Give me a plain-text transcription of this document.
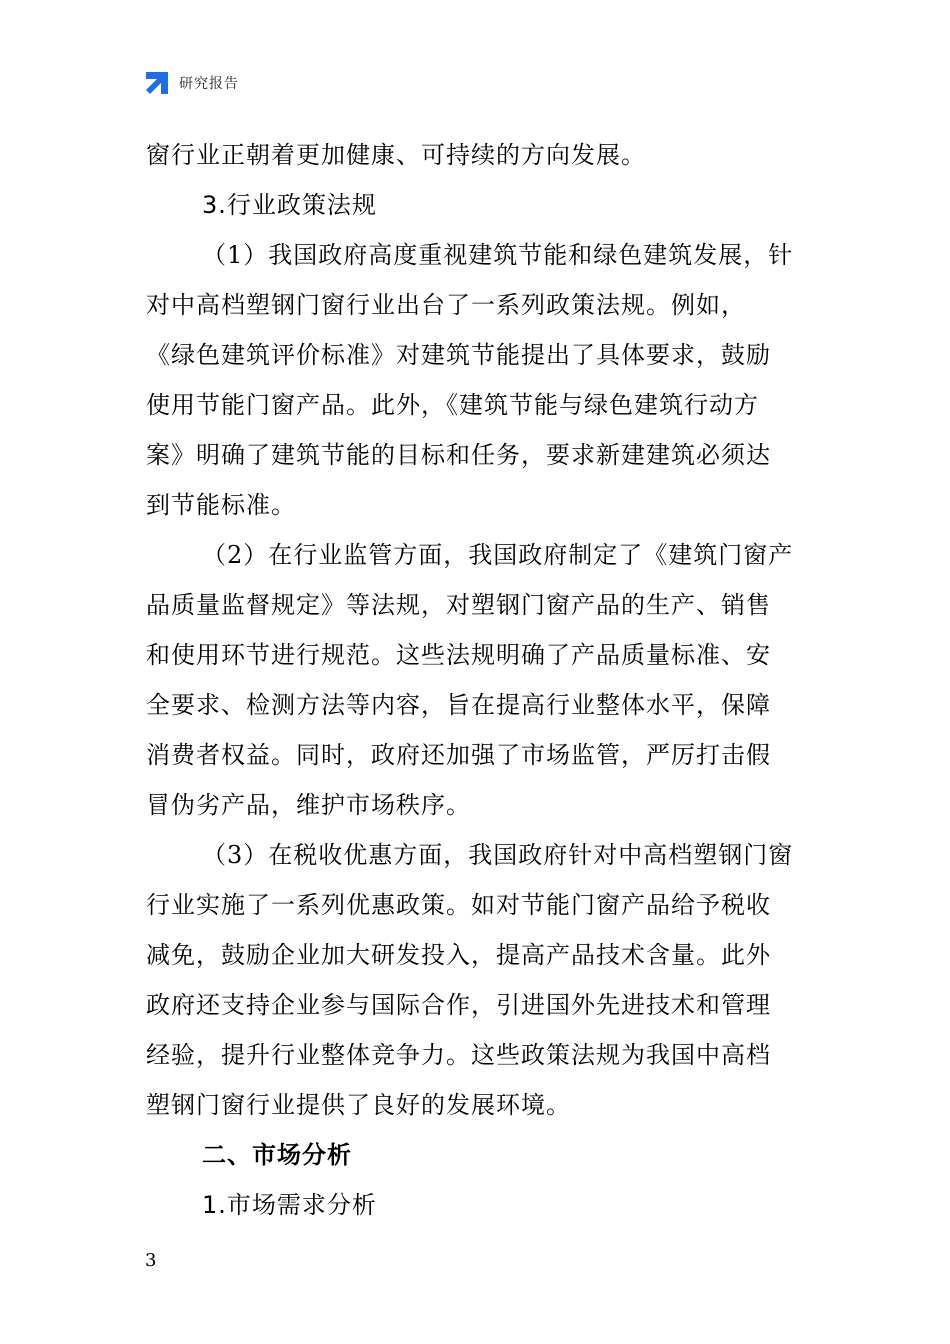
研究报告
窗行业正朝着更加健康、可持续的方向发展。
3.行业政策法规
（1）我国政府高度重视建筑节能和绿色建筑发展，针
对中高档塑钢门窗行业出台了一系列政策法规。例如，
《绿色建筑评价标准》对建筑节能提出了具体要求，鼓励
使用节能门窗产品。此外，《建筑节能与绿色建筑行动方
案》明确了建筑节能的目标和任务，要求新建建筑必须达
到节能标准。
（2）在行业监管方面，我国政府制定了《建筑门窗产
品质量监督规定》等法规，对塑钢门窗产品的生产、销售
和使用环节进行规范。这些法规明确了产品质量标准、安
全要求、检测方法等内容，旨在提高行业整体水平，保障
消费者权益。同时，政府还加强了市场监管，严厉打击假
冒伪劣产品，维护市场秩序。
（3）在税收优惠方面，我国政府针对中高档塑钢门窗
行业实施了一系列优惠政策。如对节能门窗产品给予税收
减免，鼓励企业加大研发投入，提高产品技术含量。此外
政府还支持企业参与国际合作，引进国外先进技术和管理
经验，提升行业整体竞争力。这些政策法规为我国中高档
塑钢门窗行业提供了良好的发展环境。
二、市场分析
1.市场需求分析
3
